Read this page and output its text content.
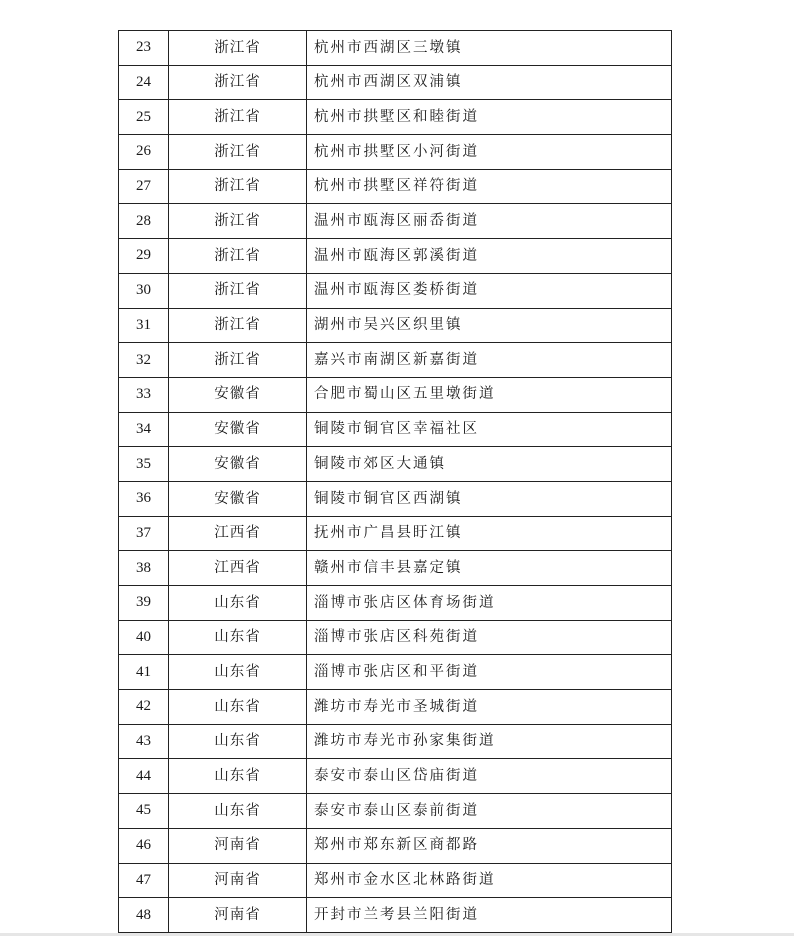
23	浙江省	杭州市西湖区三墩镇
24	浙江省	杭州市西湖区双浦镇
25	浙江省	杭州市拱墅区和睦街道
26	浙江省	杭州市拱墅区小河街道
27	浙江省	杭州市拱墅区祥符街道
28	浙江省	温州市瓯海区丽岙街道
29	浙江省	温州市瓯海区郭溪街道
30	浙江省	温州市瓯海区娄桥街道
31	浙江省	湖州市吴兴区织里镇
32	浙江省	嘉兴市南湖区新嘉街道
33	安徽省	合肥市蜀山区五里墩街道
34	安徽省	铜陵市铜官区幸福社区
35	安徽省	铜陵市郊区大通镇
36	安徽省	铜陵市铜官区西湖镇
37	江西省	抚州市广昌县盱江镇
38	江西省	赣州市信丰县嘉定镇
39	山东省	淄博市张店区体育场街道
40	山东省	淄博市张店区科苑街道
41	山东省	淄博市张店区和平街道
42	山东省	潍坊市寿光市圣城街道
43	山东省	潍坊市寿光市孙家集街道
44	山东省	泰安市泰山区岱庙街道
45	山东省	泰安市泰山区泰前街道
46	河南省	郑州市郑东新区商都路
47	河南省	郑州市金水区北林路街道
48	河南省	开封市兰考县兰阳街道
